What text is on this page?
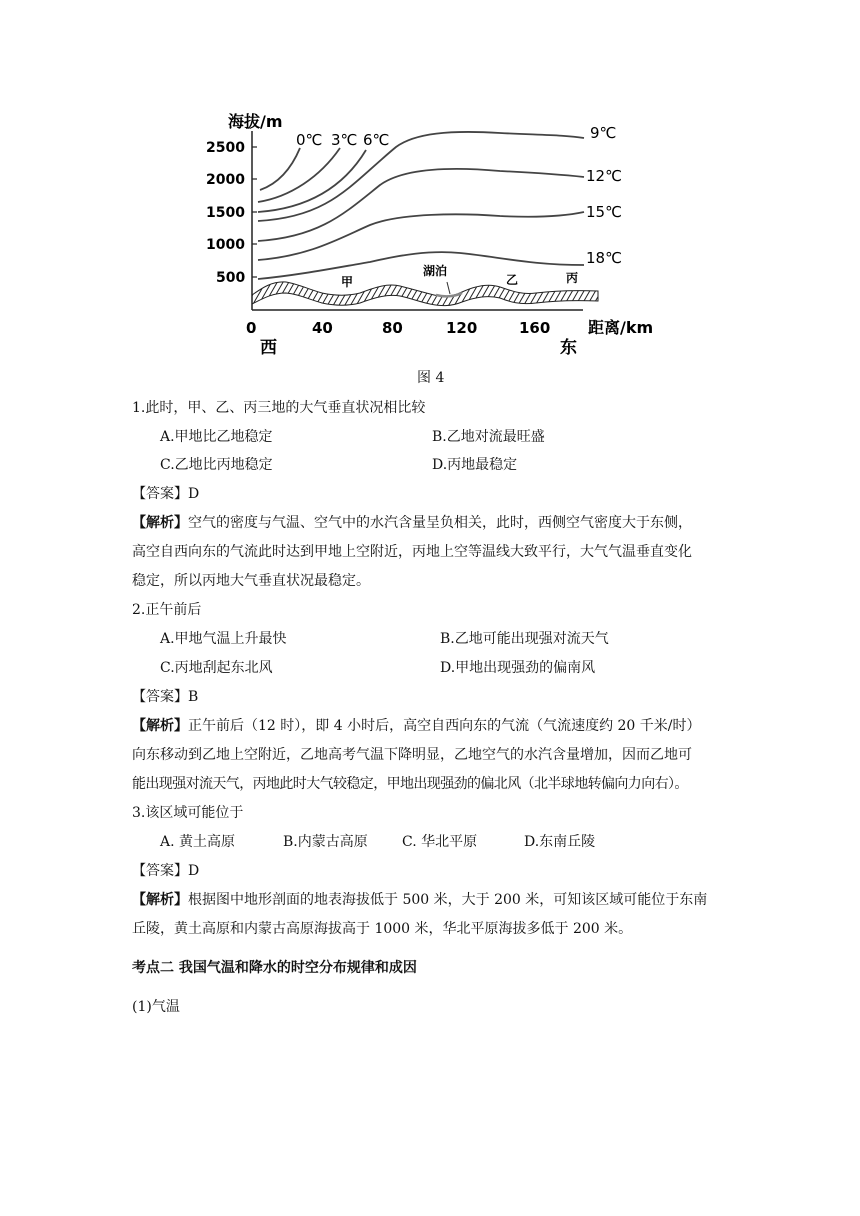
海拔/m
2500
2000
1500
1000
500
0℃ 3℃ 6℃	9℃
12℃
15℃
18℃
甲
湖泊
乙	丙
0	40	80	120	160 距离/km
西	东
图 4
1.此时，甲、乙、丙三地的大气垂直状况相比较
A.甲地比乙地稳定	B.乙地对流最旺盛
C.乙地比丙地稳定	D.丙地最稳定
【答案】D
【解析】空气的密度与气温、空气中的水汽含量呈负相关，此时，西侧空气密度大于东侧，
高空自西向东的气流此时达到甲地上空附近，丙地上空等温线大致平行，大气气温垂直变化
稳定，所以丙地大气垂直状况最稳定。
2.正午前后
A.甲地气温上升最快	B.乙地可能出现强对流天气
C.丙地刮起东北风	D.甲地出现强劲的偏南风
【答案】B
【解析】正午前后（12 时），即 4 小时后，高空自西向东的气流（气流速度约 20 千米/时）
向东移动到乙地上空附近，乙地高考气温下降明显，乙地空气的水汽含量增加，因而乙地可
能出现强对流天气，丙地此时大气较稳定，甲地出现强劲的偏北风（北半球地转偏向力向右）。
3.该区域可能位于
A. 黄土高原	B.内蒙古高原 C. 华北平原	D.东南丘陵
【答案】D
【解析】根据图中地形剖面的地表海拔低于 500 米，大于 200 米，可知该区域可能位于东南
丘陵，黄土高原和内蒙古高原海拔高于 1000 米，华北平原海拔多低于 200 米。
考点二 我国气温和降水的时空分布规律和成因
(1)气温
